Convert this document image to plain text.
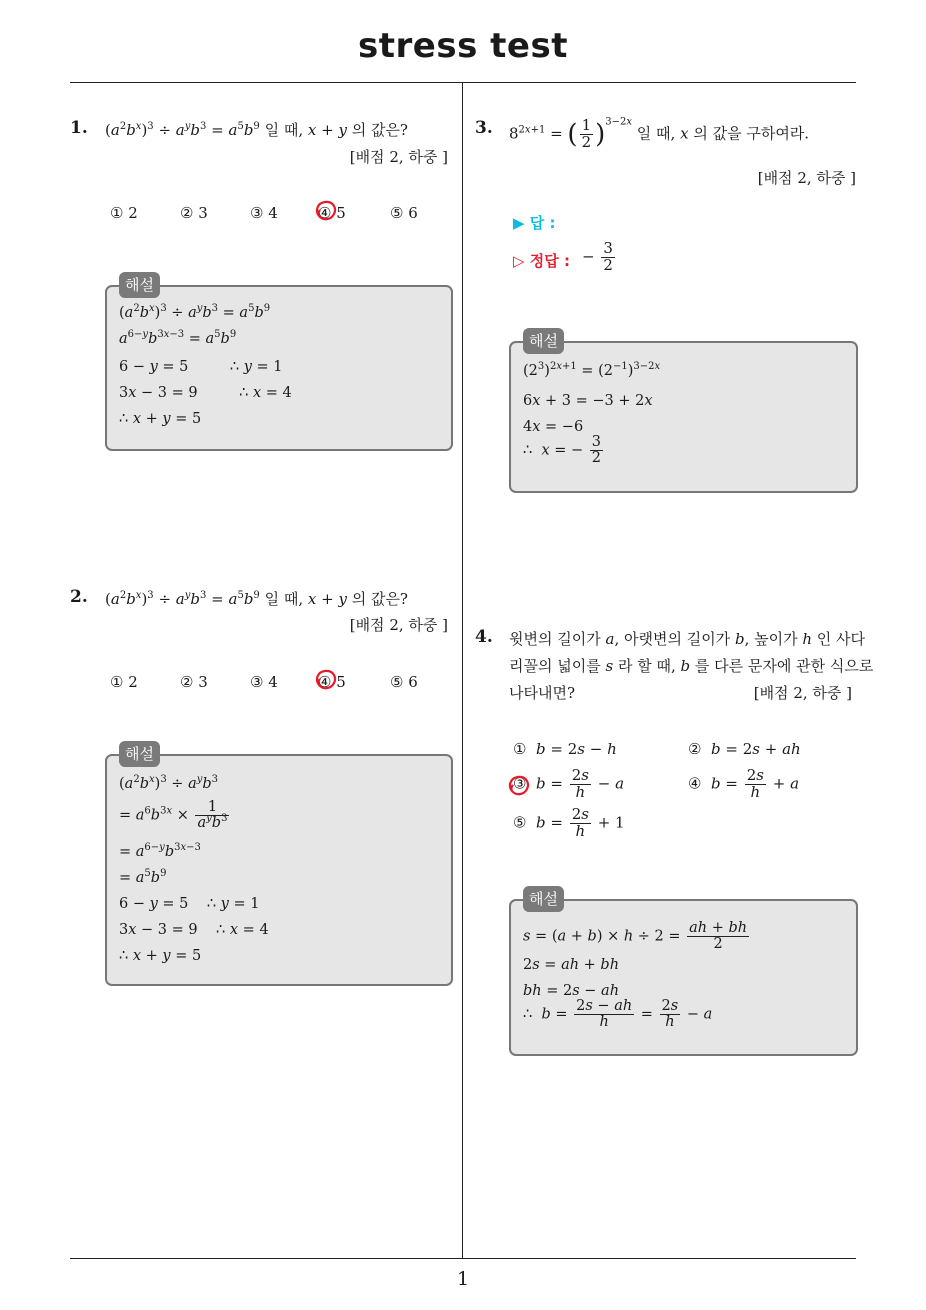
stress test
1
1. $(a^2b^x)^3 \div a^yb^3 = a^5b^9$ 일 때, x + y 의 값은?
[배점 2, 하중 ]
① 2	② 3	③ 4	④ 5	⑤ 6
$(a^2b^x)^3 \div a^yb^3 = a^5b^9$
$a^{6-y}b^{3x-3} = a^5b^9$
6 − y = 5         ∴ y = 1
3x − 3 = 9         ∴ x = 4
∴ x + y = 5
해설
2. $(a^2b^x)^3 \div a^yb^3 = a^5b^9$ 일 때, x + y 의 값은?
[배점 2, 하중 ]
① 2	② 3	③ 4	④ 5	⑤ 6
$(a^2b^x)^3 \div a^yb^3$
= $a^6b^{3x} \times \frac{1}{a^yb^3}$
= $a^{6-y}b^{3x-3}$
= $a^5b^9$
6 − y = 5    ∴ y = 1
3x − 3 = 9    ∴ x = 4
∴ x + y = 5
해설
3. $8^{2x+1}$ = ( $\frac{1}{2} )^{3-2x}$ 일 때, x 의 값을 구하여라.
[배점 2, 하중 ]
▶ 답 :
▷ 정답 : − $\frac{3}{2}$
$(2^3)^{2x+1} = (2^{-1})^{3-2x}$
6x + 3 = −3 + 2x
4x = −6
∴  x = − $\frac{3}{2}$
해설
4. 윗변의 길이가 a, 아랫변의 길이가 b, 높이가 h 인 사다
리꼴의 넓이를 s 라 할 때, b 를 다른 문자에 관한 식으로
나타내면?	[배점 2, 하중 ]
①  b = 2s − h	②  b = 2s + ah
③  $b = \frac{2s}{h} - a$	④  $b = \frac{2s}{h} + a$
⑤  $b = \frac{2s}{h} + 1$
$s = (a + b) \times h \div 2 = \frac{ah + bh}{2}$
2s = ah + bh
bh = 2s − ah
∴  $b = \frac{2s - ah}{h} = \frac{2s}{h} - a$
해설
